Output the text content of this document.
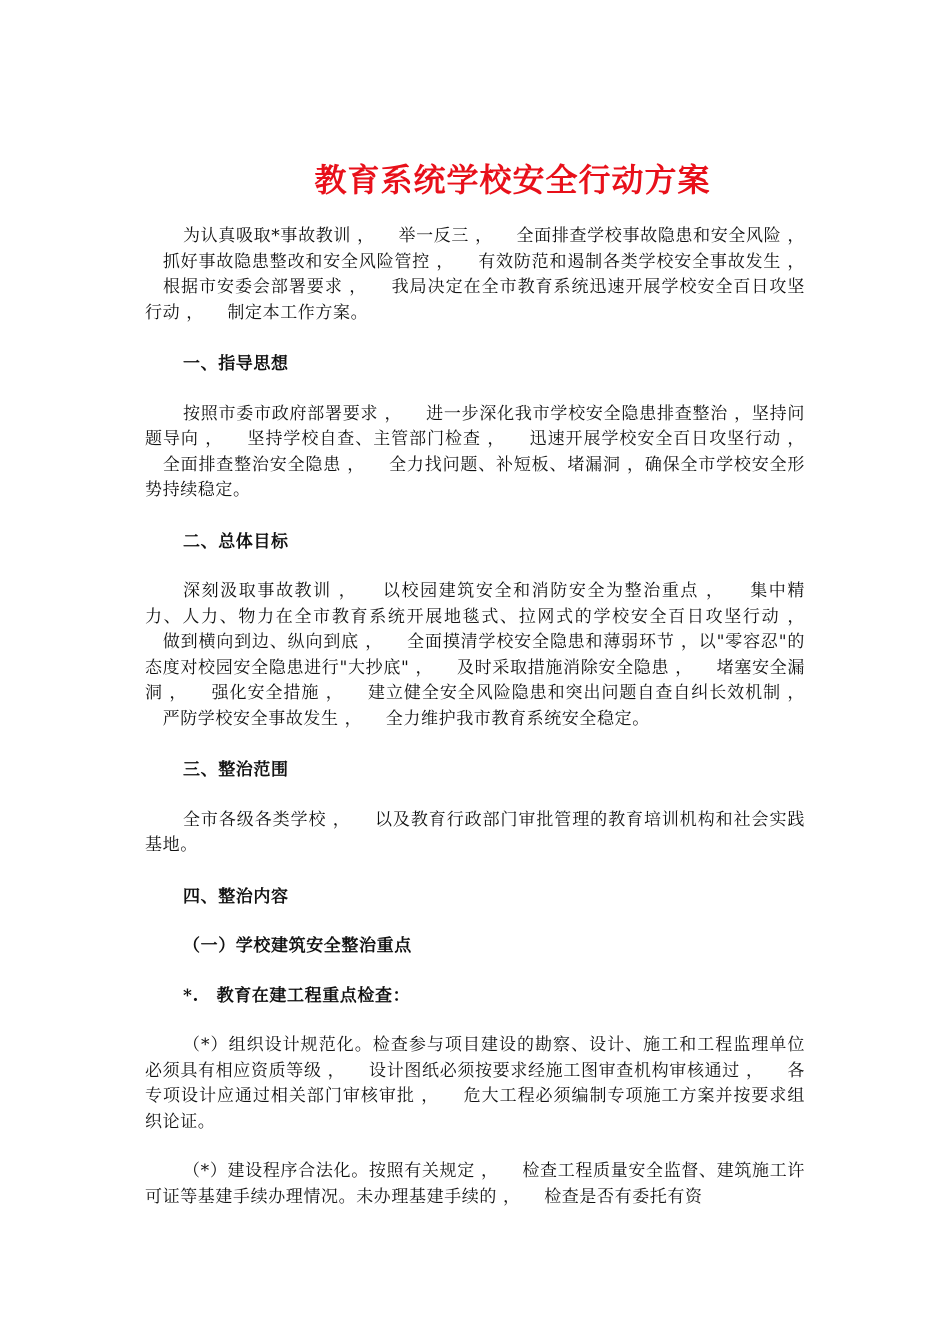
教育系统学校安全行动方案

为认真吸取*事故教训 ， 　举一反三 ， 　全面排查学校事故隐患和安全风险 ， 　抓好事故隐患整改和安全风险管控 ， 　有效防范和遏制各类学校安全事故发生 ， 　根据市安委会部署要求 ， 　我局决定在全市教育系统迅速开展学校安全百日攻坚行动 ， 　制定本工作方案。

一、指导思想

按照市委市政府部署要求 ， 　进一步深化我市学校安全隐患排查整治 ，坚持问题导向 ， 　坚持学校自查、主管部门检查 ， 　迅速开展学校安全百日攻坚行动 ， 　全面排查整治安全隐患 ， 　全力找问题、补短板、堵漏洞 ，确保全市学校安全形势持续稳定。

二、总体目标

深刻汲取事故教训 ， 　以校园建筑安全和消防安全为整治重点 ， 　集中精力、人力、物力在全市教育系统开展地毯式、拉网式的学校安全百日攻坚行动 ， 　做到横向到边、纵向到底 ， 　全面摸清学校安全隐患和薄弱环节 ，以"零容忍"的态度对校园安全隐患进行"大抄底" ， 　及时采取措施消除安全隐患 ， 　堵塞安全漏洞 ， 　强化安全措施 ， 　建立健全安全风险隐患和突出问题自查自纠长效机制 ， 　严防学校安全事故发生 ， 　全力维护我市教育系统安全稳定。

三、整治范围

全市各级各类学校 ， 　以及教育行政部门审批管理的教育培训机构和社会实践基地。

四、整治内容
（一）学校建筑安全整治重点
*.　教育在建工程重点检查：

（*）组织设计规范化。检查参与项目建设的勘察、设计、施工和工程监理单位必须具有相应资质等级 ， 　设计图纸必须按要求经施工图审查机构审核通过 ， 　各专项设计应通过相关部门审核审批 ， 　危大工程必须编制专项施工方案并按要求组织论证。

（*）建设程序合法化。按照有关规定 ， 　检查工程质量安全监督、建筑施工许可证等基建手续办理情况。未办理基建手续的 ， 　检查是否有委托有资
